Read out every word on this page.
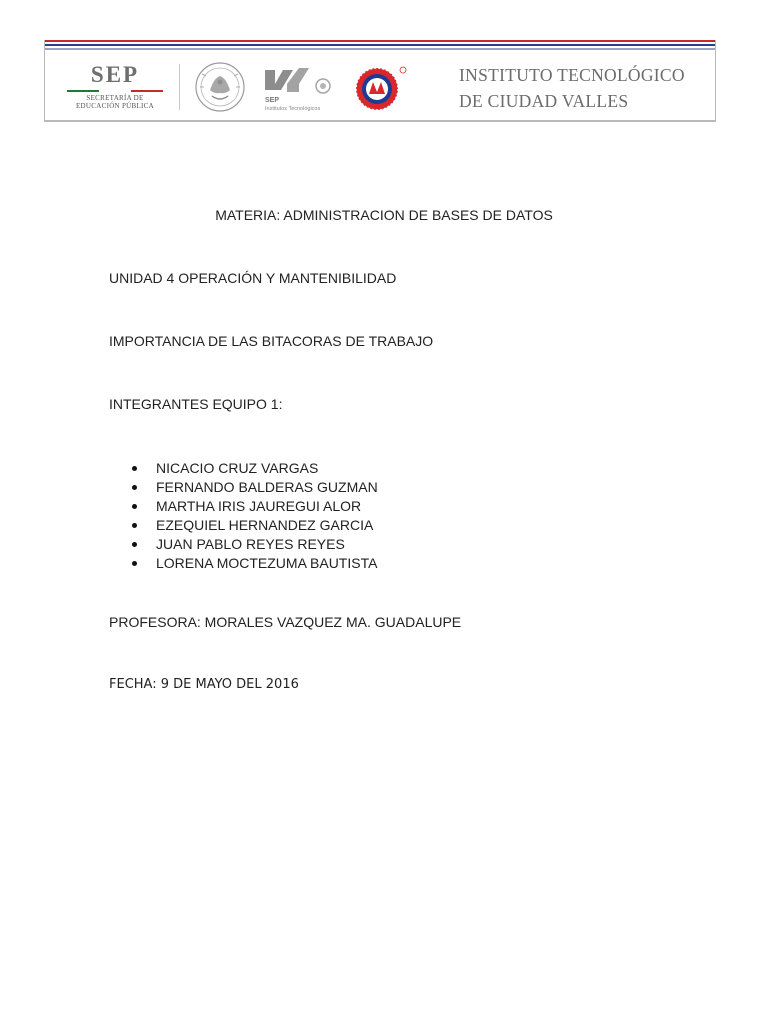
SEP
SECRETARÍA DE
EDUCACIÓN PÚBLICA
SEP
Institutos Tecnológicos
INSTITUTO TECNOLÓGICO
DE CIUDAD VALLES
MATERIA: ADMINISTRACION DE BASES DE DATOS
UNIDAD 4 OPERACIÓN Y MANTENIBILIDAD
IMPORTANCIA DE LAS BITACORAS DE TRABAJO
INTEGRANTES EQUIPO 1:
NICACIO CRUZ VARGAS
FERNANDO BALDERAS GUZMAN
MARTHA IRIS JAUREGUI ALOR
EZEQUIEL HERNANDEZ GARCIA
JUAN PABLO REYES REYES
LORENA MOCTEZUMA BAUTISTA
PROFESORA: MORALES VAZQUEZ MA. GUADALUPE
FECHA: 9 DE MAYO DEL 2016
